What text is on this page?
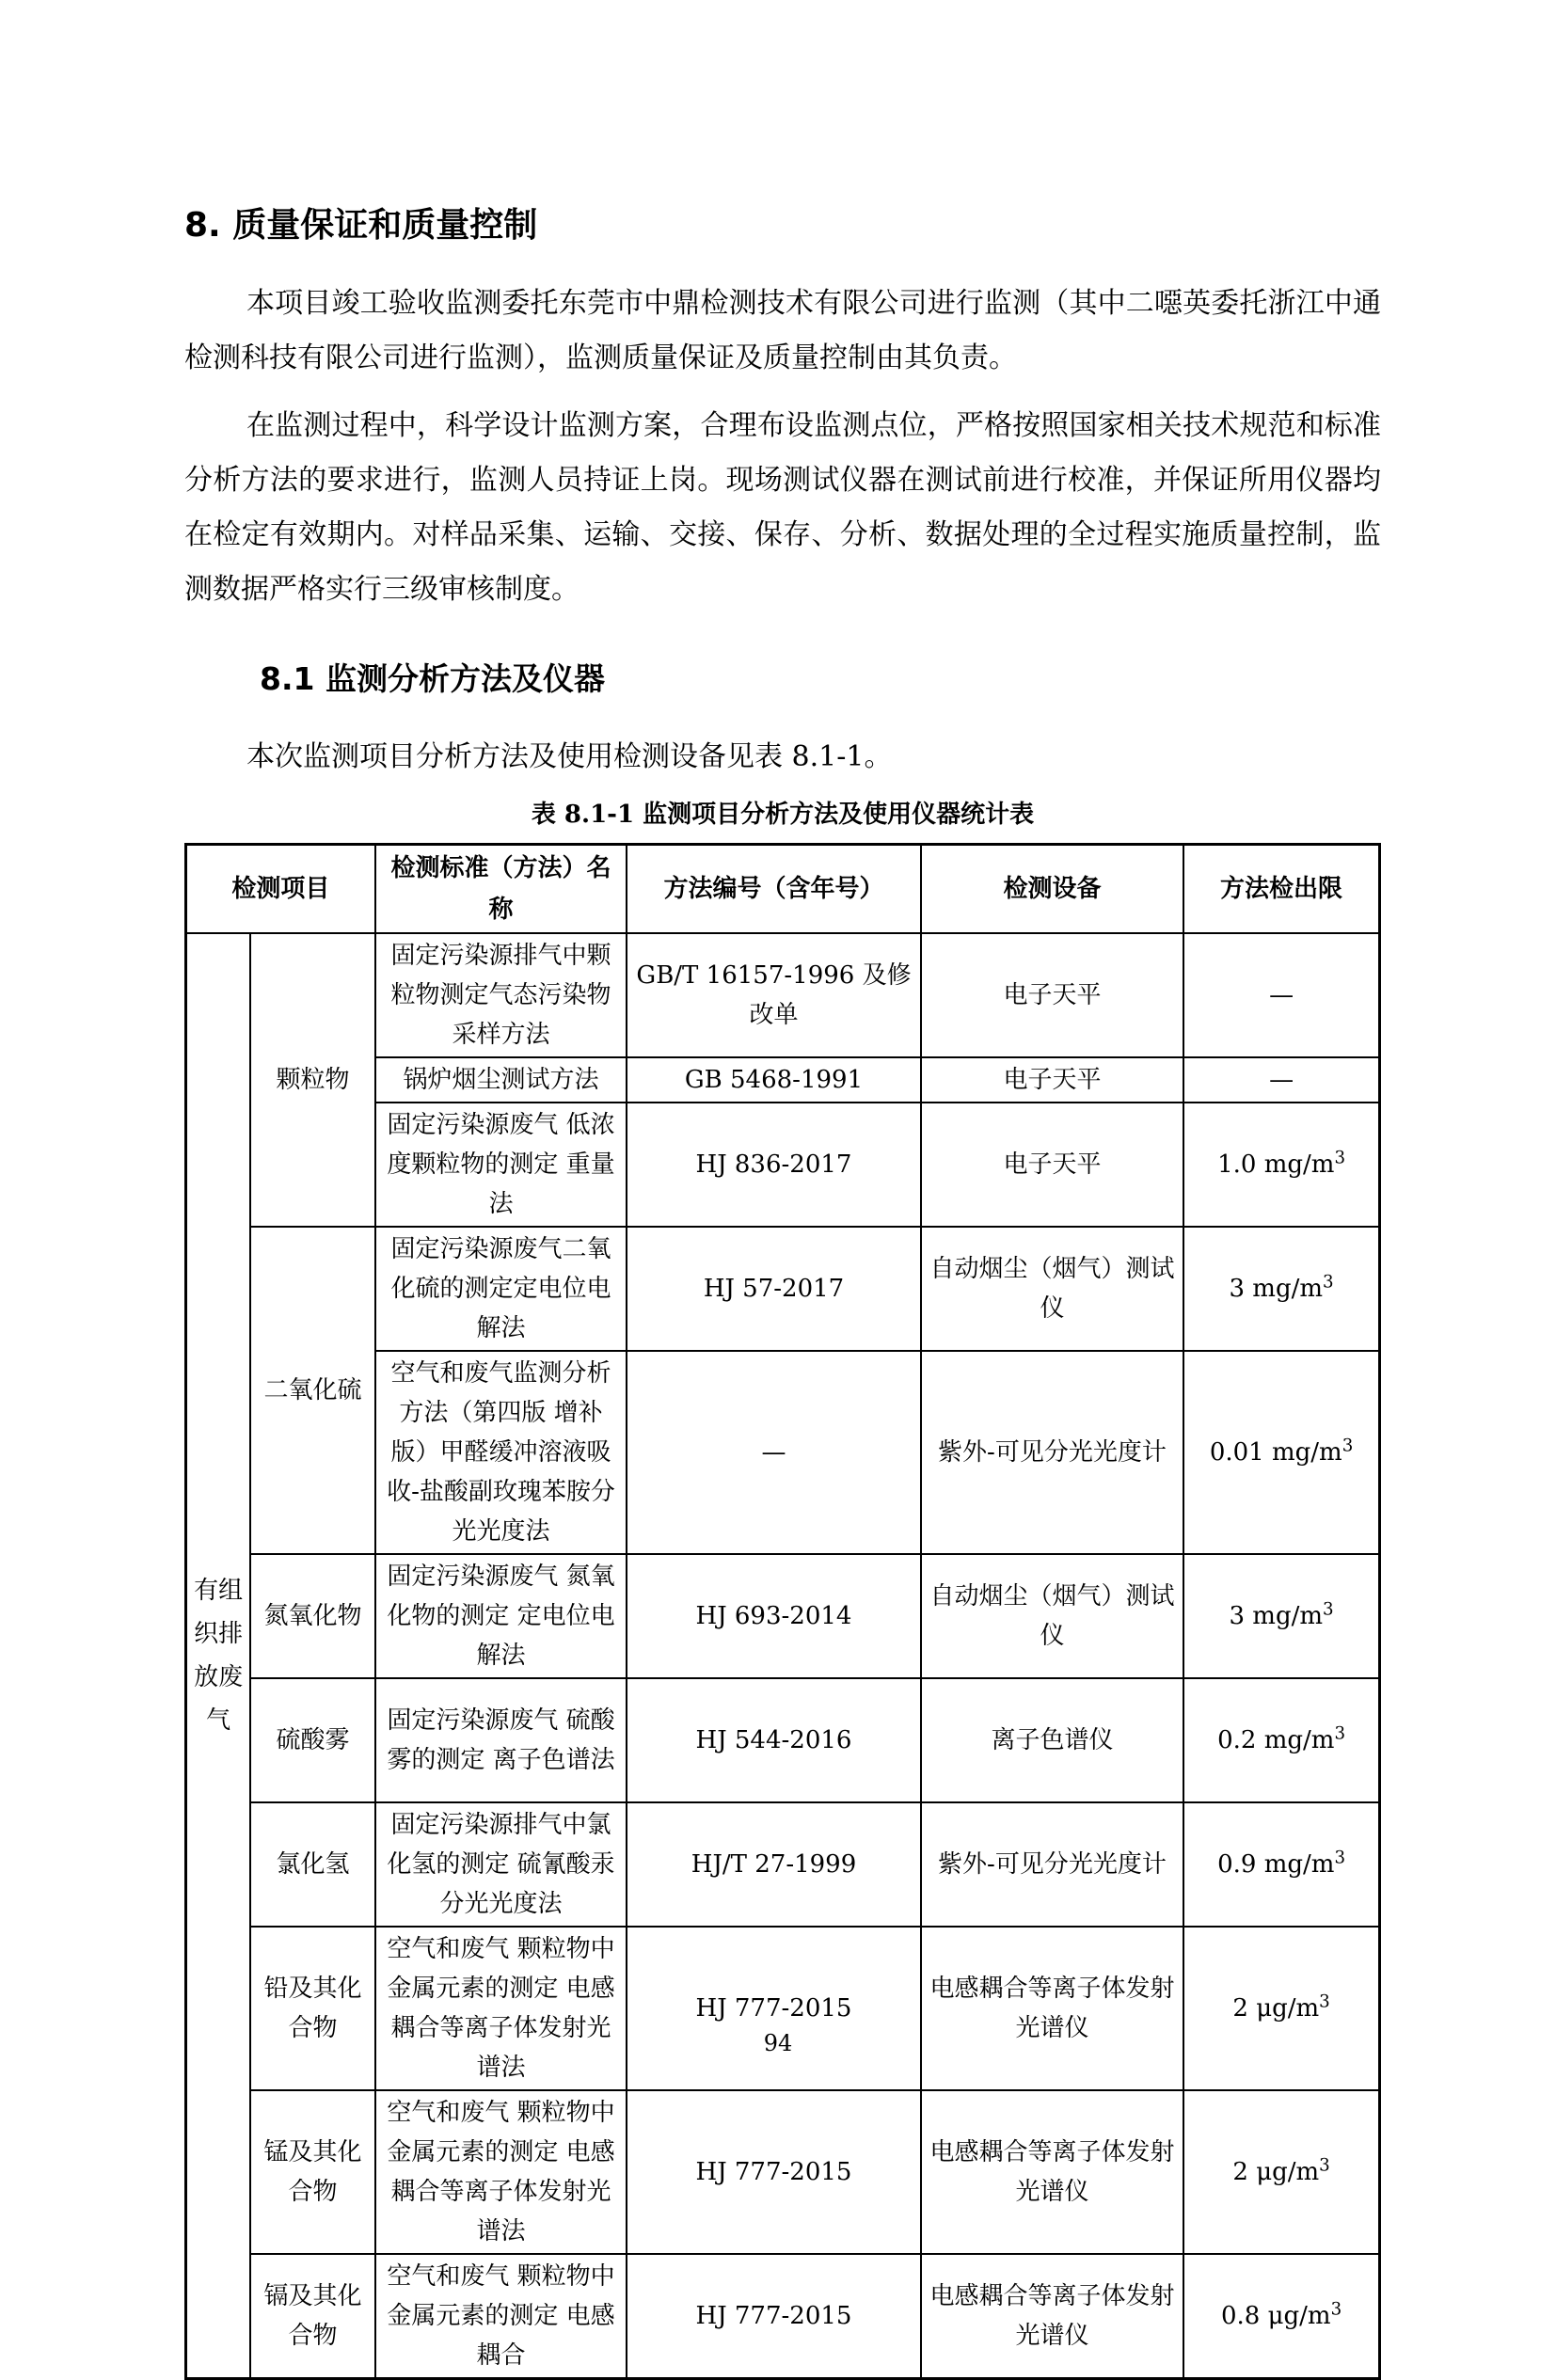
8. 质量保证和质量控制

本项目竣工验收监测委托东莞市中鼎检测技术有限公司进行监测（其中二噁英委托浙江中通检测科技有限公司进行监测），监测质量保证及质量控制由其负责。

在监测过程中，科学设计监测方案，合理布设监测点位，严格按照国家相关技术规范和标准分析方法的要求进行，监测人员持证上岗。现场测试仪器在测试前进行校准，并保证所用仪器均在检定有效期内。对样品采集、运输、交接、保存、分析、数据处理的全过程实施质量控制，监测数据严格实行三级审核制度。

8.1 监测分析方法及仪器

本次监测项目分析方法及使用检测设备见表 8.1-1。

表 8.1-1 监测项目分析方法及使用仪器统计表
检测项目		检测标准（方法）名称	方法编号（含年号）	检测设备	方法检出限
有组织排放废气	颗粒物	固定污染源排气中颗粒物测定气态污染物采样方法	GB/T 16157-1996 及修改单	电子天平	—
		锅炉烟尘测试方法	GB 5468-1991	电子天平	—
		固定污染源废气 低浓度颗粒物的测定 重量法	HJ 836-2017	电子天平	1.0 $mg/m^3$
	二氧化硫	固定污染源废气二氧化硫的测定定电位电解法	HJ 57-2017	自动烟尘（烟气）测试仪	3 $mg/m^3$
		空气和废气监测分析方法（第四版 增补版）甲醛缓冲溶液吸收-盐酸副玫瑰苯胺分光光度法	—	紫外-可见分光光度计	0.01 $mg/m^3$
	氮氧化物	固定污染源废气 氮氧化物的测定 定电位电解法	HJ 693-2014	自动烟尘（烟气）测试仪	3 $mg/m^3$
	硫酸雾	固定污染源废气 硫酸雾的测定 离子色谱法	HJ 544-2016	离子色谱仪	0.2 $mg/m^3$
	氯化氢	固定污染源排气中氯化氢的测定 硫氰酸汞分光光度法	HJ/T 27-1999	紫外-可见分光光度计	0.9 $mg/m^3$
	铅及其化合物	空气和废气 颗粒物中金属元素的测定 电感耦合等离子体发射光谱法	HJ 777-2015	电感耦合等离子体发射光谱仪	2 $\mu g/m^3$
	锰及其化合物	空气和废气 颗粒物中金属元素的测定 电感耦合等离子体发射光谱法	HJ 777-2015	电感耦合等离子体发射光谱仪	2 $\mu g/m^3$
	镉及其化合物	空气和废气 颗粒物中金属元素的测定 电感耦合	HJ 777-2015	电感耦合等离子体发射光谱仪	0.8 $\mu g/m^3$
94
